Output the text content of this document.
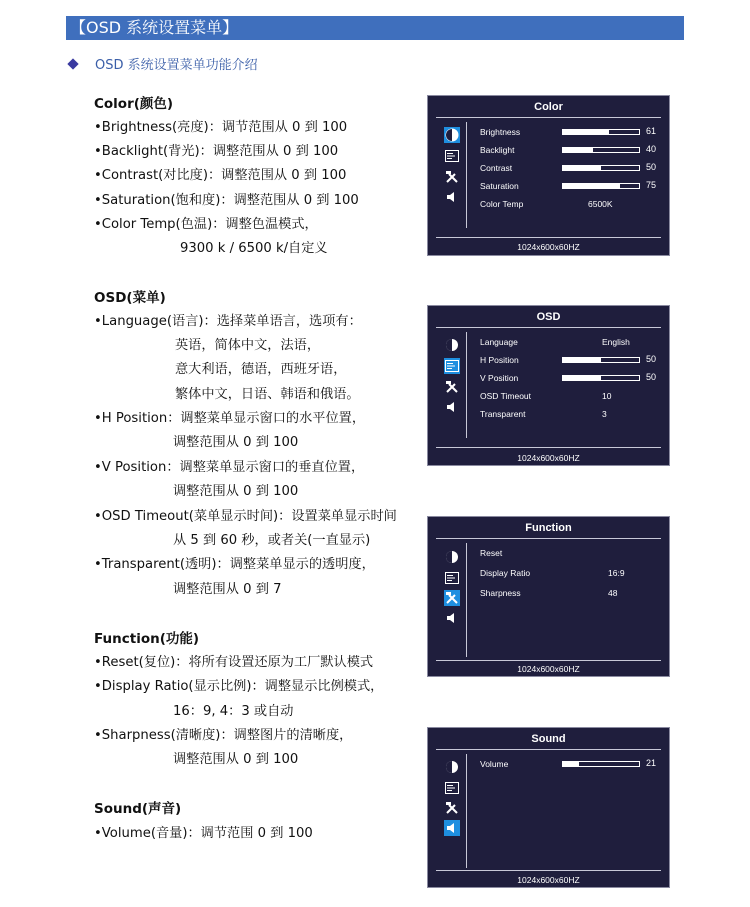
【OSD 系统设置菜单】
OSD 系统设置菜单功能介绍
Color(颜色)
•Brightness(亮度)：调节范围从 0 到 100
•Backlight(背光)：调整范围从 0 到 100
•Contrast(对比度)：调整范围从 0 到 100
•Saturation(饱和度)：调整范围从 0 到 100
•Color Temp(色温)：调整色温模式，
9300 k / 6500 k/自定义
OSD(菜单)
•Language(语言)：选择菜单语言，选项有：
英语，简体中文，法语，
意大利语，德语，西班牙语，
繁体中文，日语、韩语和俄语。
•H Position：调整菜单显示窗口的水平位置，
调整范围从 0 到 100
•V Position：调整菜单显示窗口的垂直位置，
调整范围从 0 到 100
•OSD Timeout(菜单显示时间)：设置菜单显示时间
从 5 到 60 秒，或者关(一直显示)
•Transparent(透明)：调整菜单显示的透明度，
调整范围从 0 到 7
Function(功能)
•Reset(复位)：将所有设置还原为工厂默认模式
•Display Ratio(显示比例)：调整显示比例模式，
16：9, 4：3 或自动
•Sharpness(清晰度)：调整图片的清晰度，
调整范围从 0 到 100
Sound(声音)
•Volume(音量)：调节范围 0 到 100
Color
1024x600x60HZ
Brightness	61
Backlight	40
Contrast	50
Saturation	75
Color Temp	6500K
OSD
1024x600x60HZ
Language	English
H Position	50
V Position	50
OSD Timeout	10
Transparent	3
Function
1024x600x60HZ
Reset
Display Ratio	16:9
Sharpness	48
Sound
1024x600x60HZ
Volume	21
